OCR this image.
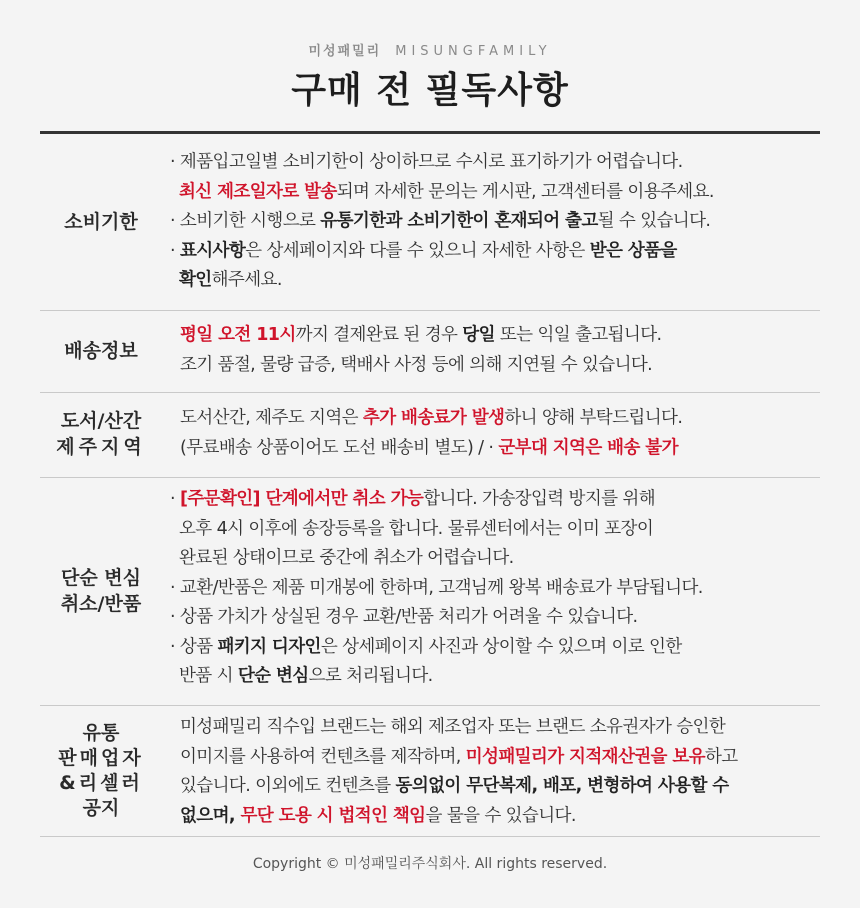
미성패밀리 MISUNGFAMILY
구매 전 필독사항
소비기한
· 제품입고일별 소비기한이 상이하므로 수시로 표기하기가 어렵습니다.
최신 제조일자로 발송되며 자세한 문의는 게시판, 고객센터를 이용주세요.
· 소비기한 시행으로 유통기한과 소비기한이 혼재되어 출고될 수 있습니다.
· 표시사항은 상세페이지와 다를 수 있으니 자세한 사항은 받은 상품을
확인해주세요.
배송정보
평일 오전 11시까지 결제완료 된 경우 당일 또는 익일 출고됩니다.
조기 품절, 물량 급증, 택배사 사정 등에 의해 지연될 수 있습니다.
도서/산간
제주지역
도서산간, 제주도 지역은 추가 배송료가 발생하니 양해 부탁드립니다.
(무료배송 상품이어도 도선 배송비 별도) / · 군부대 지역은 배송 불가
단순 변심
취소/반품
· [주문확인] 단계에서만 취소 가능합니다. 가송장입력 방지를 위해
오후 4시 이후에 송장등록을 합니다. 물류센터에서는 이미 포장이
완료된 상태이므로 중간에 취소가 어렵습니다.
· 교환/반품은 제품 미개봉에 한하며, 고객님께 왕복 배송료가 부담됩니다.
· 상품 가치가 상실된 경우 교환/반품 처리가 어려울 수 있습니다.
· 상품 패키지 디자인은 상세페이지 사진과 상이할 수 있으며 이로 인한
반품 시 단순 변심으로 처리됩니다.
유통
판매업자
&리셀러
공지
미성패밀리 직수입 브랜드는 해외 제조업자 또는 브랜드 소유권자가 승인한
이미지를 사용하여 컨텐츠를 제작하며, 미성패밀리가 지적재산권을 보유하고
있습니다. 이외에도 컨텐츠를 동의없이 무단복제, 배포, 변형하여 사용할 수
없으며, 무단 도용 시 법적인 책임을 물을 수 있습니다.
Copyright © 미성패밀리주식회사. All rights reserved.
